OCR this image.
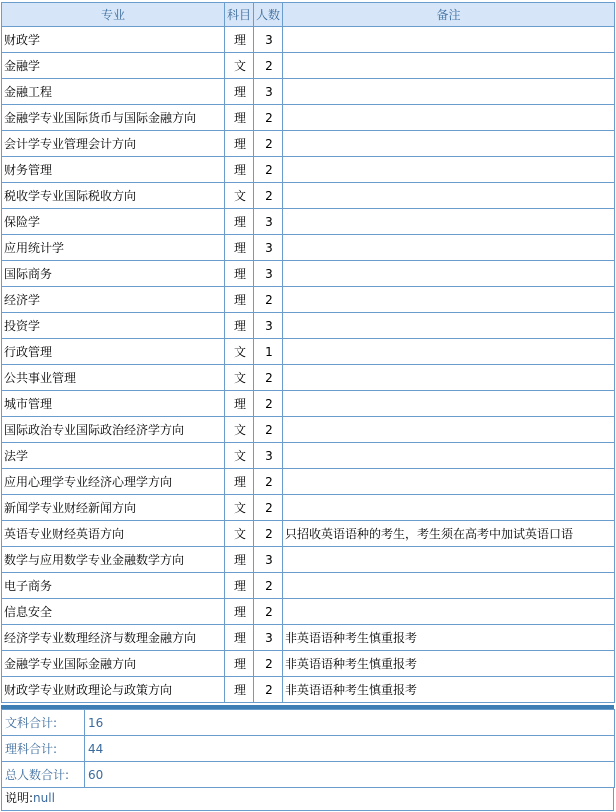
专业	科目	人数	备注
财政学	理	3	
金融学	文	2	
金融工程	理	3	
金融学专业国际货币与国际金融方向	理	2	
会计学专业管理会计方向	理	2	
财务管理	理	2	
税收学专业国际税收方向	文	2	
保险学	理	3	
应用统计学	理	3	
国际商务	理	3	
经济学	理	2	
投资学	理	3	
行政管理	文	1	
公共事业管理	文	2	
城市管理	理	2	
国际政治专业国际政治经济学方向	文	2	
法学	文	3	
应用心理学专业经济心理学方向	理	2	
新闻学专业财经新闻方向	文	2	
英语专业财经英语方向	文	2	只招收英语语种的考生，考生须在高考中加试英语口语
数学与应用数学专业金融数学方向	理	3	
电子商务	理	2	
信息安全	理	2	
经济学专业数理经济与数理金融方向	理	3	非英语语种考生慎重报考
金融学专业国际金融方向	理	2	非英语语种考生慎重报考
财政学专业财政理论与政策方向	理	2	非英语语种考生慎重报考
文科合计:	16
理科合计:	44
总人数合计:	60
说明:null
